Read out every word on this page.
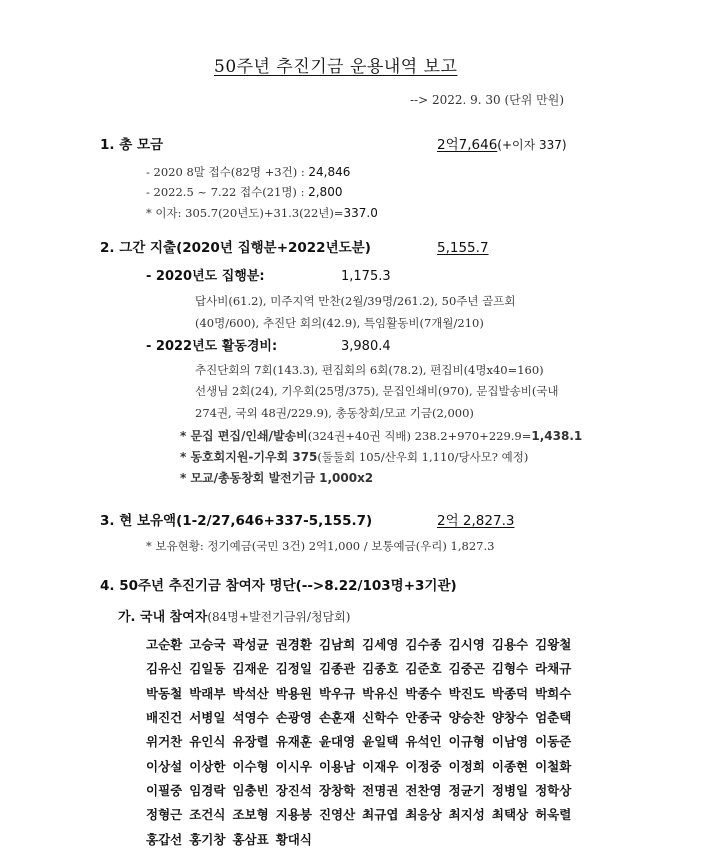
50주년 추진기금 운용내역 보고
--> 2022. 9. 30 (단위 만원)
1. 총 모금	2억7,646(+이자 337)
- 2020 8말 접수(82명 +3건) : 24,846
- 2022.5 ~ 7.22 접수(21명) : 2,800
* 이자: 305.7(20년도)+31.3(22년)=337.0
2. 그간 지출(2020년 집행분+2022년도분)	5,155.7
- 2020년도 집행분:	1,175.3
답사비(61.2), 미주지역 만찬(2월/39명/261.2), 50주년 골프회
(40명/600), 추진단 회의(42.9), 특임활동비(7개월/210)
- 2022년도 활동경비:	3,980.4
추진단회의 7회(143.3), 편집회의 6회(78.2), 편집비(4명x40=160)
선생님 2회(24), 기우회(25명/375), 문집인쇄비(970), 문집발송비(국내
274권, 국외 48권/229.9), 총동창회/모교 기금(2,000)
* 문집 편집/인쇄/발송비(324권+40권 직배) 238.2+970+229.9=1,438.1
* 동호회지원-기우회 375(둘둘회 105/산우회 1,110/당사모? 예정)
* 모교/총동창회 발전기금 1,000x2
3. 현 보유액(1-2/27,646+337-5,155.7)	2억 2,827.3
* 보유현황: 정기예금(국민 3건) 2억1,000 / 보통예금(우리) 1,827.3
4. 50주년 추진기금 참여자 명단(-->8.22/103명+3기관)
가. 국내 참여자(84명+발전기금위/청담회)
고순환 고승국 곽성균 권경환 김남희 김세영 김수종 김시영 김용수 김왕철
김유신 김일동 김재운 김정일 김종관 김종호 김준호 김중곤 김형수 라채규
박동철 박래부 박석산 박용원 박우규 박유신 박종수 박진도 박종덕 박희수
배진건 서병일 석영수 손광영 손훈재 신학수 안종국 양승찬 양창수 엄춘택
위거찬 유인식 유장렬 유재훈 윤대영 윤일택 유석인 이규형 이남영 이동준
이상설 이상한 이수형 이시우 이용남 이재우 이정중 이정희 이종현 이철화
이필중 임경락 임충빈 장진석 장창학 전명권 전찬영 정균기 정병일 정학상
정형근 조건식 조보형 지용붕 진영산 최규엽 최응상 최지성 최택상 허욱렬
홍갑선 홍기창 홍삼표 황대식
